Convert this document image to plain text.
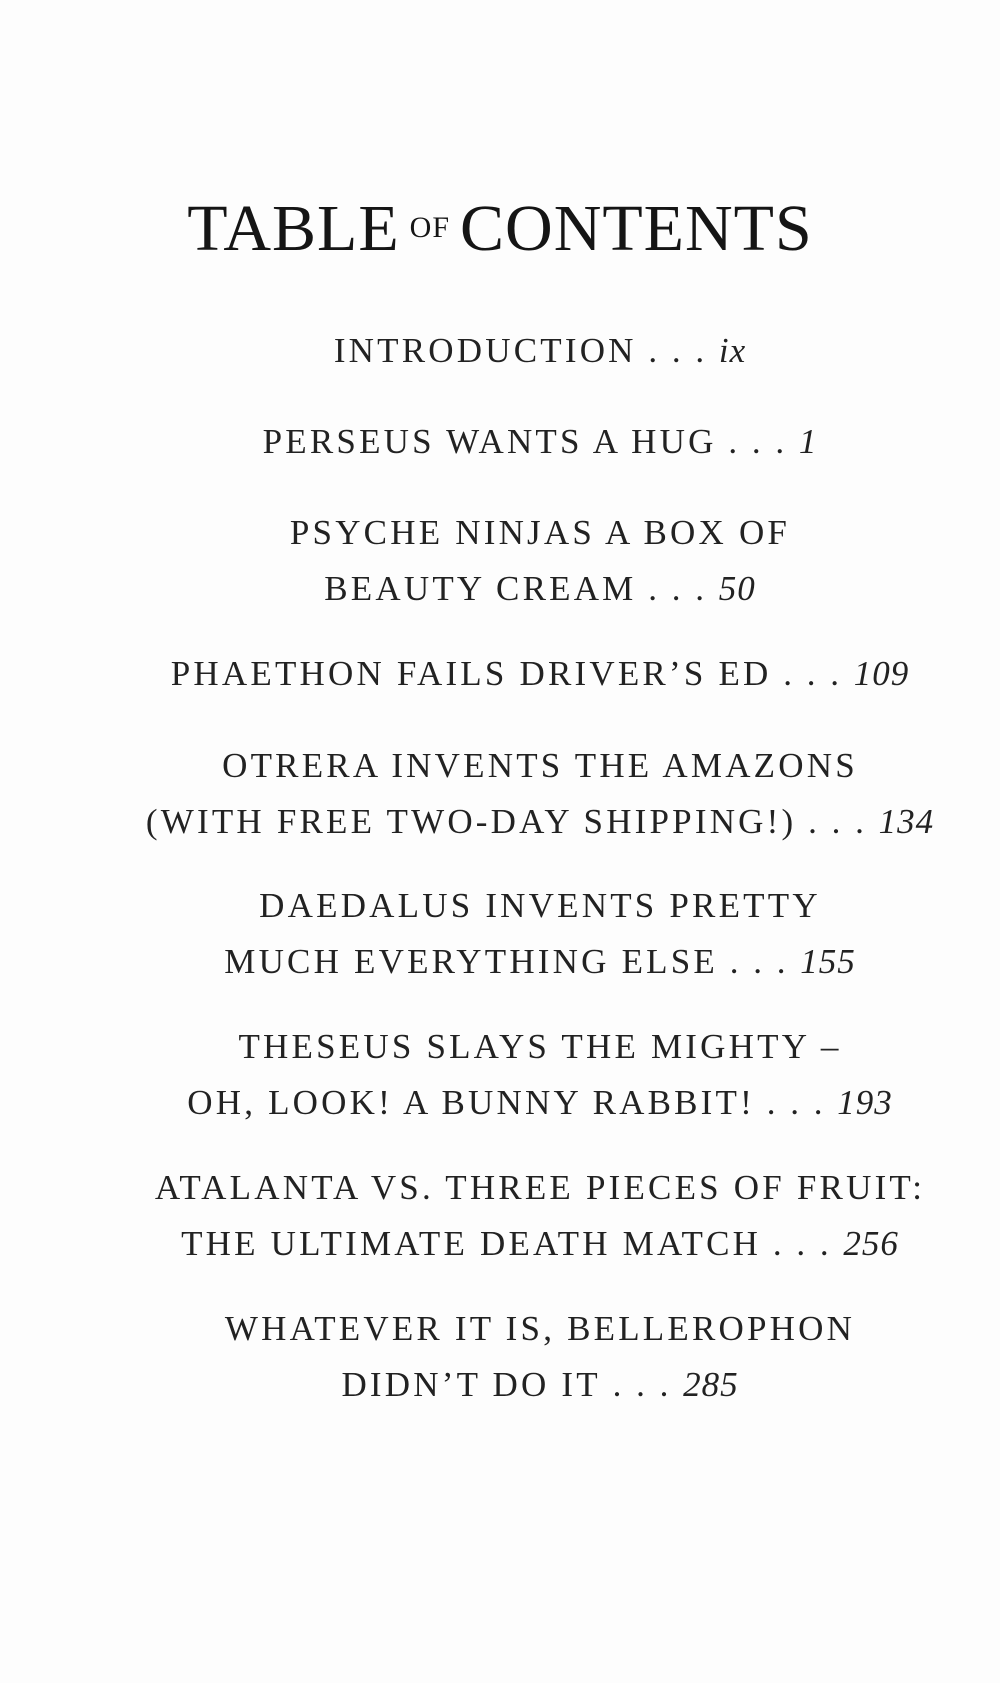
TABLE $^{OF}$ CONTENTS
INTRODUCTION . . . ix
PERSEUS WANTS A HUG . . . 1
PSYCHE NINJAS A BOX OF
BEAUTY CREAM . . . 50
PHAETHON FAILS DRIVER’S ED . . . 109
OTRERA INVENTS THE AMAZONS
(WITH FREE TWO-DAY SHIPPING!) . . . 134
DAEDALUS INVENTS PRETTY
MUCH EVERYTHING ELSE . . . 155
THESEUS SLAYS THE MIGHTY –
OH, LOOK! A BUNNY RABBIT! . . . 193
ATALANTA VS. THREE PIECES OF FRUIT:
THE ULTIMATE DEATH MATCH . . . 256
WHATEVER IT IS, BELLEROPHON
DIDN’T DO IT . . . 285
